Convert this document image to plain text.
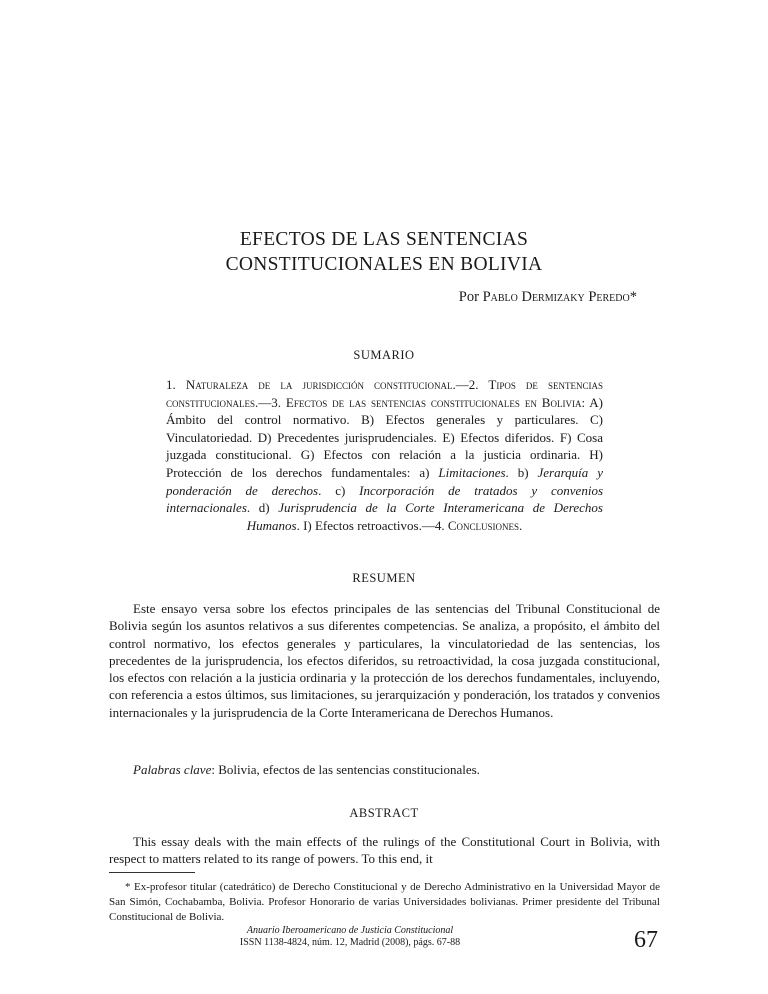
EFECTOS DE LAS SENTENCIAS
CONSTITUCIONALES EN BOLIVIA
Por Pablo Dermizaky Peredo*
SUMARIO
1. Naturaleza de la jurisdicción constitucional.—2. Tipos de sentencias constitucionales.—3. Efectos de las sentencias constitucionales en Bolivia: A) Ámbito del control normativo. B) Efectos generales y particulares. C) Vinculatoriedad. D) Precedentes jurisprudenciales. E) Efectos diferidos. F) Cosa juzgada constitucional. G) Efectos con relación a la justicia ordinaria. H) Protección de los derechos fundamentales: a) Limitaciones. b) Jerarquía y ponderación de derechos. c) Incorporación de tratados y convenios internacionales. d) Jurisprudencia de la Corte Interamericana de Derechos Humanos. I) Efectos retroactivos.—4. Conclusiones.
RESUMEN

Este ensayo versa sobre los efectos principales de las sentencias del Tribunal Constitucional de Bolivia según los asuntos relativos a sus diferentes competencias. Se analiza, a propósito, el ámbito del control normativo, los efectos generales y particulares, la vinculatoriedad de las sentencias, los precedentes de la jurisprudencia, los efectos diferidos, su retroactividad, la cosa juzgada constitucional, los efectos con relación a la justicia ordinaria y la protección de los derechos fundamentales, incluyendo, con referencia a estos últimos, sus limitaciones, su jerarquización y ponderación, los tratados y convenios internacionales y la jurisprudencia de la Corte Interamericana de Derechos Humanos.

Palabras clave: Bolivia, efectos de las sentencias constitucionales.
ABSTRACT

This essay deals with the main effects of the rulings of the Constitutional Court in Bolivia, with respect to matters related to its range of powers. To this end, it

* Ex-profesor titular (catedrático) de Derecho Constitucional y de Derecho Administrativo en la Universidad Mayor de San Simón, Cochabamba, Bolivia. Profesor Honorario de varias Universidades bolivianas. Primer presidente del Tribunal Constitucional de Bolivia.

Anuario Iberoamericano de Justicia Constitucional
ISSN 1138-4824, núm. 12, Madrid (2008), págs. 67-88	67
